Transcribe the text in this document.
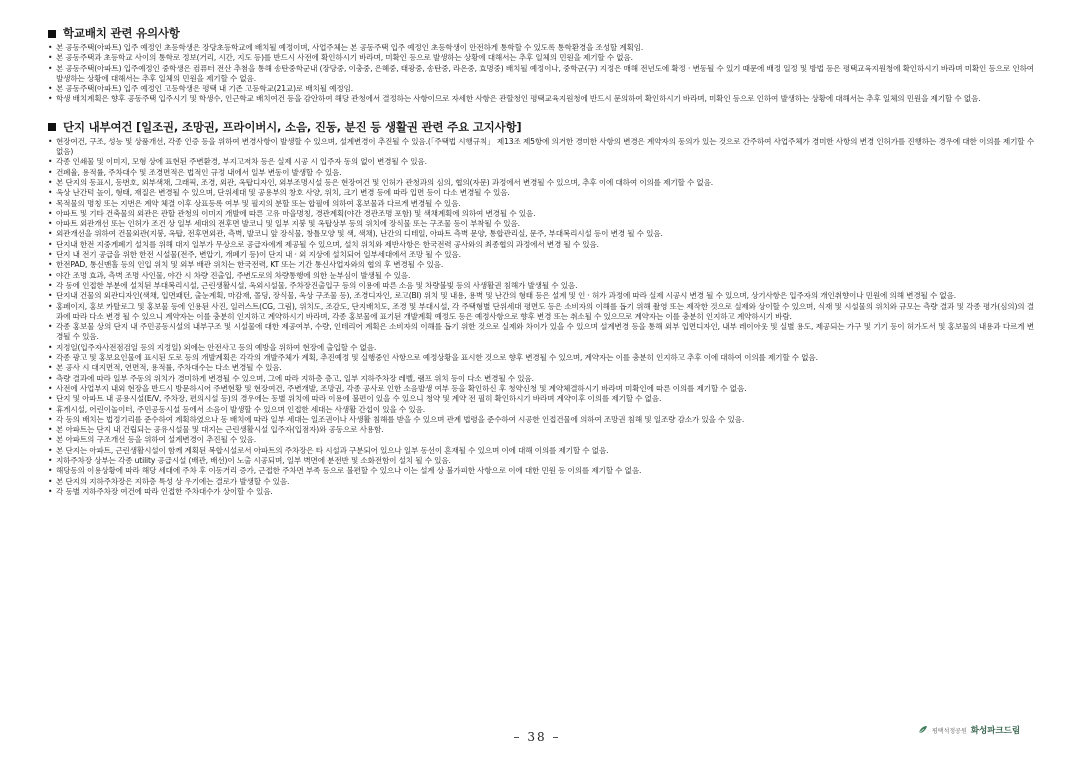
학교배치 관련 유의사항
• 본 공동주택(아파트) 입주 예정인 초등학생은 장당초등학교에 배치될 예정이며, 사업주체는 본 공동주택 입주 예정인 초등학생이 안전하게 통학할 수 있도록 통학환경을 조성할 계획임.
• 본 공동주택과 초등학교 사이의 통학로 정보(거리, 시간, 지도 등)를 반드시 사전에 확인하시기 바라며, 미확인 등으로 발생하는 상황에 대해서는 추후 일체의 민원을 제기할 수 없음.
• 본 공동주택(아파트) 입주예정인 중학생은 컴퓨터 전산 추첨을 통해 송탄중학군내 (장당중, 이충중, 은혜중, 태광중, 송탄중, 라온중, 효명중) 배치될 예정이나, 중학군(구) 지정은 매해 전년도에 확정 · 변동될 수 있기 때문에 배정 일정 및 방법 등은 평택교육지원청에 확인하시기 바라며 미확인 등으로 인하여 발생하는 상황에 대해서는 추후 일체의 민원을 제기할 수 없음.
• 본 공동주택(아파트) 입주 예정인 고등학생은 평택 내 기존 고등학교(21교)로 배치될 예정임.
• 학생 배치계획은 향후 공동주택 입주시기 및 학생수, 인근학교 배치여건 등을 감안하여 해당 관청에서 결정하는 사항이므로 자세한 사항은 관할청인 평택교육지원청에 반드시 문의하여 확인하시기 바라며, 미확인 등으로 인하여 발생하는 상황에 대해서는 추후 일체의 민원을 제기할 수 없음.
단지 내부여건 [일조권, 조망권, 프라이버시, 소음, 진동, 분진 등 생활권 관련 주요 고지사항]
• 현장여건, 구조, 성능 및 상품개선, 각종 인증 등을 위하여 변경사항이 발생할 수 있으며, 설계변경이 추진될 수 있음.(「주택법 시행규칙」 제13조 제5항에 의거한 경미한 사항의 변경은 계약자의 동의가 있는 것으로 간주하여 사업주체가 경미한 사항의 변경 인허가를 진행하는 경우에 대한 이의를 제기할 수 없음)
• 각종 인쇄물 및 이미지, 모형 상에 표현된 주변환경, 부지고저차 등은 실제 시공 시 입주자 동의 없이 변경될 수 있음.
• 건폐율, 용적률, 주차대수 및 조경면적은 법적인 규정 내에서 일부 변동이 발생할 수 있음.
• 본 단지의 동표시, 동번호, 외부색채, 그래픽, 조경, 외관, 옥탑디자인, 외부조명시설 등은 현장여건 및 인허가 관청과의 심의, 협의(자문) 과정에서 변경될 수 있으며, 추후 이에 대하여 이의를 제기할 수 없음.
• 옥상 난간턱 높이, 형태, 재질은 변경될 수 있으며, 단위세대 및 공용부의 창호 사양, 위치, 크기 변경 등에 따라 입면 등이 다소 변경될 수 있음.
• 목적물의 명칭 또는 지번은 계약 체결 이후 상표등록 여부 및 필지의 분할 또는 합필에 의하여 홍보물과 다르게 변경될 수 있음.
• 아파트 및 기타 건축물의 외관은 관할 관청의 이미지 개발에 따른 고유 마을명칭, 경관계획(야간 경관조명 포함) 및 색채계획에 의하여 변경될 수 있음.
• 아파트 외관개선 또는 인허가 조건 상 일부 세대의 전후면 발코니 및 일부 지붕 및 옥탑상부 등의 위치에 장식물 또는 구조물 등이 부착될 수 있음.
• 외관개선을 위하여 건물외관(지붕, 옥탑, 전후면외관, 측벽, 발코니 앞 장식물, 창틀모양 및 색, 색채), 난간의 디테일, 아파트 측벽 문양, 통합관리실, 문주, 부대복리시설 등이 변경 될 수 있음.
• 단지내 한전 지중게폐기 설치를 위해 대지 일부가 무상으로 공급자에게 제공될 수 있으며, 설치 위치와 제반사항은 한국전력 공사와의 최종협의 과정에서 변경 될 수 있음.
• 단지 내 전기 공급을 위한 한전 시설물(전주, 변압기, 개폐기 등)이 단지 내 · 외 지상에 설치되어 일부세대에서 조망 될 수 있음.
• 한전PAD, 통신맨홀 등의 인입 위치 및 외부 배관 위치는 한국전력, KT 또는 기간 통신사업자와의 협의 후 변경될 수 있음.
• 야간 조명 효과, 측벽 조명 사인물, 야간 시 차량 진출입, 주변도로의 차량통행에 의한 눈부심이 발생될 수 있음.
• 각 동에 인접한 부분에 설치된 부대복리시설, 근린생활시설, 옥외시설물, 주차장진출입구 등의 이용에 따른 소음 및 차량불빛 등의 사생활권 침해가 발생될 수 있음.
• 단지내 건물의 외관디자인(색채, 입면패턴, 출눈계획, 마감재, 몰딩, 장식물, 옥상 구조물 등), 조경디자인, 로고(BI) 위치 및 내용, 용벽 및 난간의 형태 등은 설계 및 인 · 허가 과정에 따라 실제 시공시 변경 될 수 있으며, 상기사항은 입주자의 개인취향이나 민원에 의해 변경될 수 없음.
• 홍페이지, 홍보 카탈로그 및 홍보물 등에 인용된 사진, 일러스트(CG, 그림), 위치도, 조감도, 단지배치도, 조경 및 부대시설, 각 주택형별 단위세대 평면도 등은 소비자의 이해를 돕기 위해 촬영 또는 제작한 것으로 실제와 상이할 수 있으며, 식재 및 시설물의 위치와 규모는 측량 결과 및 각종 평가(심의)의 결과에 따라 다소 변경 될 수 있으니 계약자는 이를 충분히 인지하고 계약하시기 바라며, 각종 홍보물에 표기된 개발계획 예정도 등은 예정사항으로 향후 변경 또는 취소될 수 있으므로 계약자는 이를 충분히 인지하고 계약하시기 바람.
• 각종 홍보물 상의 단지 내 주민공동시설의 내부구조 및 시설물에 대한 제공여부, 수량, 인테리어 계획은 소비자의 이해를 돕기 위한 것으로 실제와 차이가 있을 수 있으며 설계변경 등을 통해 외부 입면디자인, 내부 레이아웃 및 실별 용도, 제공되는 가구 및 기기 등이 허가도서 및 홍보물의 내용과 다르게 변경될 수 있음.
• 지정일(입주자사전점검일 등의 지정일) 외에는 안전사고 등의 예방을 위하여 현장에 출입할 수 없음.
• 각종 광고 및 홍보요인물에 표시된 도로 등의 개발계획은 각각의 개발주체가 계획, 추진예정 및 실행중인 사항으로 예정상황을 표시한 것으로 향후 변경될 수 있으며, 계약자는 이를 충분히 인지하고 추후 이에 대하여 이의를 제기할 수 없음.
• 본 공사 시 대지면적, 연면적, 용적률, 주차대수는 다소 변경될 수 있음.
• 측량 결과에 따라 일부 주동의 위치가 경미하게 변경될 수 있으며, 그에 따라 지하층 층고, 일부 지하주차장 레벨, 램프 위치 등이 다소 변경될 수 있음.
• 사전에 사업부지 내외 현장을 반드시 방문하시어 주변현황 및 현장여건, 주변개발, 조망권, 각종 공사로 인한 소음발생 여부 등을 확인하신 후 청약신청 및 계약체결하시기 바라며 미확인에 따른 이의를 제기할 수 없음.
• 단지 및 아파트 내 공용시설(E/V, 주차장, 편의시설 등)의 경우에는 동별 위치에 따라 이용에 불편이 있을 수 있으니 청약 및 계약 전 필히 확인하시기 바라며 계약이후 이의를 제기할 수 없음.
• 휴게시설, 어린이놀이터, 주민공동시설 등에서 소음이 발생할 수 있으며 인접한 세대는 사생활 간섭이 있을 수 있음.
• 각 동의 배치는 법정기리를 준수하여 계획하였으나 동 배치에 따라 일부 세대는 일조권이나 사생활 침해를 받을 수 있으며 관계 법령을 준수하여 시공한 인접건물에 의하여 조망권 침해 및 일조량 감소가 있을 수 있음.
• 본 아파트는 단지 내 건립되는 공유시설물 및 대지는 근린생활시설 입주자(입점자)와 공동으로 사용함.
• 본 아파트의 구조개선 등을 위하여 설계변경이 추진될 수 있음.
• 본 단지는 아파트, 근린생활시설이 함께 계획된 복합시설로서 아파트의 주차장은 타 시설과 구분되어 있으나 일부 동선이 혼재될 수 있으며 이에 대해 이의를 제기할 수 없음.
• 지하주차장 상부는 각종 utility 공급시설 (배관, 배선)이 노출 시공되며, 일부 벽면에 분전반 및 소화전함이 설치 될 수 있음.
• 해당동의 이용상황에 따라 해당 세대에 주차 후 이동거리 증가, 근접한 주차면 부족 등으로 불편할 수 있으나 이는 설계 상 불가피한 사항으로 이에 대한 민원 등 이의를 제기할 수 없음.
• 본 단지의 지하주차장은 지하층 특성 상 우기에는 결로가 발생할 수 있음.
• 각 동별 지하주차장 여건에 따라 인접한 주차대수가 상이할 수 있음.
– 38 –	평택석정공원 화성파크드림
